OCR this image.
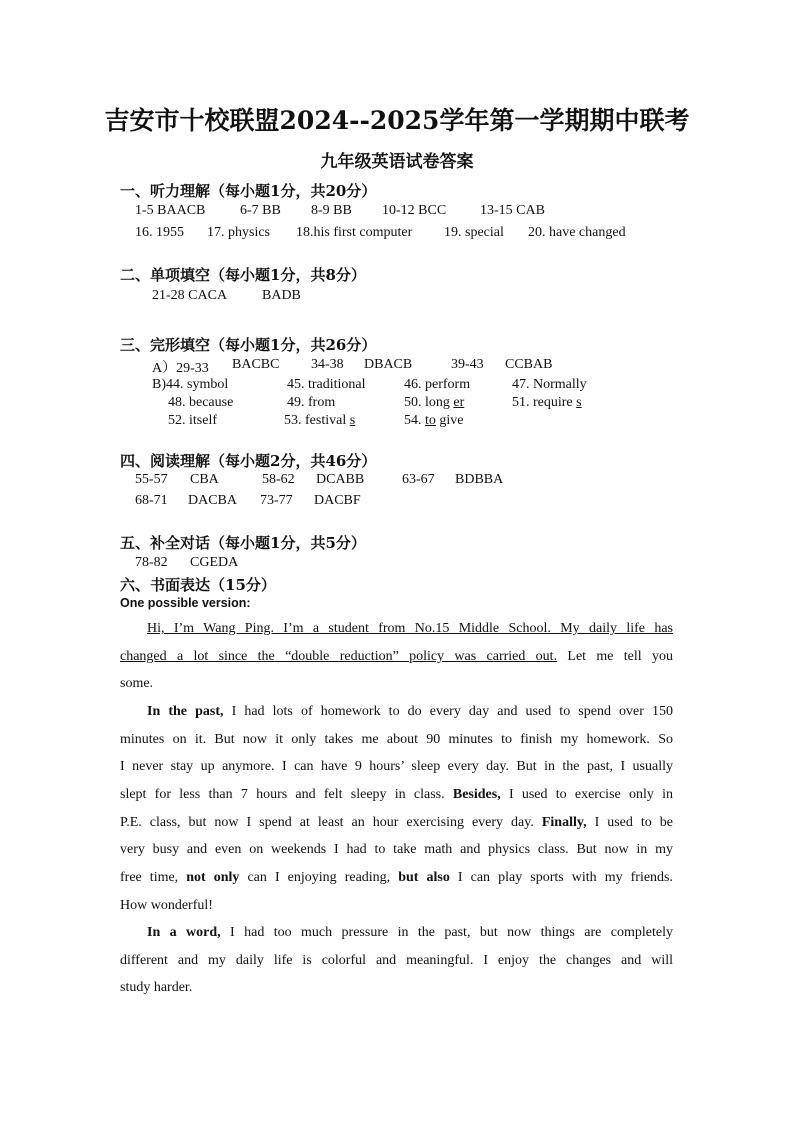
吉安市十校联盟2024--2025学年第一学期期中联考
九年级英语试卷答案
一、听力理解（每小题1分，共20分）
1-5 BAACB 6-7 BB 8-9 BB 10-12 BCC 13-15 CAB
16. 1955 17. physics 18.his first computer 19. special 20. have changed
二、单项填空（每小题1分，共8分）
21-28 CACA BADB
三、完形填空（每小题1分，共26分）
A）29-33 BACBC 34-38 DBACB	39-43 CCBAB
B)44. symbol	45. traditional	46. perform	47. Normally
48. because	49. from	50. long er	51. require s
52. itself	53. festival s	54. to give
四、阅读理解（每小题2分，共46分）
55-57 CBA	58-62 DCABB	63-67 BDBBA
68-71 DACBA 73-77 DACBF
五、补全对话（每小题1分，共5分）
78-82 CGEDA
六、书面表达（15分）
One possible version:
Hi, I’m Wang Ping. I’m a student from No.15 Middle School. My daily life has
changed a lot since the “double reduction” policy was carried out. Let me tell you
some.
In the past, I had lots of homework to do every day and used to spend over 150
minutes on it. But now it only takes me about 90 minutes to finish my homework. So
I never stay up anymore. I can have 9 hours’ sleep every day. But in the past, I usually
slept for less than 7 hours and felt sleepy in class. Besides, I used to exercise only in
P.E. class, but now I spend at least an hour exercising every day. Finally, I used to be
very busy and even on weekends I had to take math and physics class. But now in my
free time, not only can I enjoying reading, but also I can play sports with my friends.
How wonderful!
In a word, I had too much pressure in the past, but now things are completely
different and my daily life is colorful and meaningful. I enjoy the changes and will
study harder.
